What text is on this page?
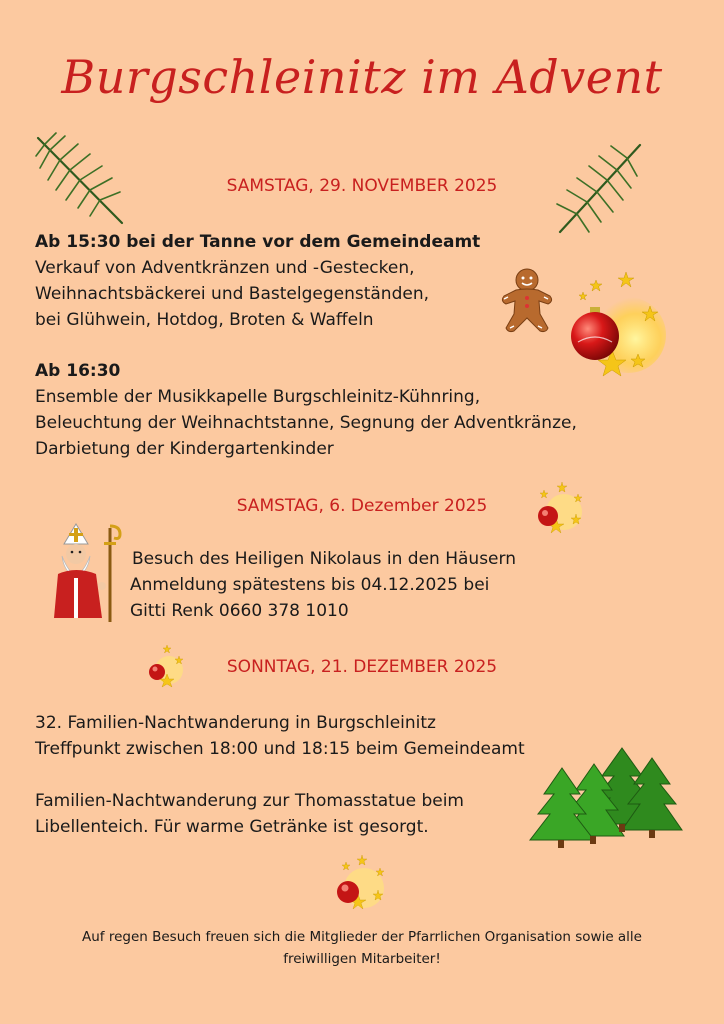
Burgschleinitz im Advent
SAMSTAG, 29. NOVEMBER 2025
Ab 15:30 bei der Tanne vor dem Gemeindeamt
Verkauf von Adventkränzen und -Gestecken,
Weihnachtsbäckerei und Bastelgegenständen,
bei Glühwein, Hotdog, Broten & Waffeln
Ab 16:30
Ensemble der Musikkapelle Burgschleinitz-Kühnring,
Beleuchtung der Weihnachtstanne, Segnung der Adventkränze,
Darbietung der Kindergartenkinder
SAMSTAG, 6. Dezember 2025
Besuch des Heiligen Nikolaus in den Häusern
Anmeldung spätestens bis 04.12.2025 bei
Gitti Renk 0660 378 1010
SONNTAG, 21. DEZEMBER 2025
32. Familien-Nachtwanderung in Burgschleinitz
Treffpunkt zwischen 18:00 und 18:15 beim Gemeindeamt
Familien-Nachtwanderung zur Thomasstatue beim
Libellenteich. Für warme Getränke ist gesorgt.
Auf regen Besuch freuen sich die Mitglieder der Pfarrlichen Organisation sowie alle
freiwilligen Mitarbeiter!
